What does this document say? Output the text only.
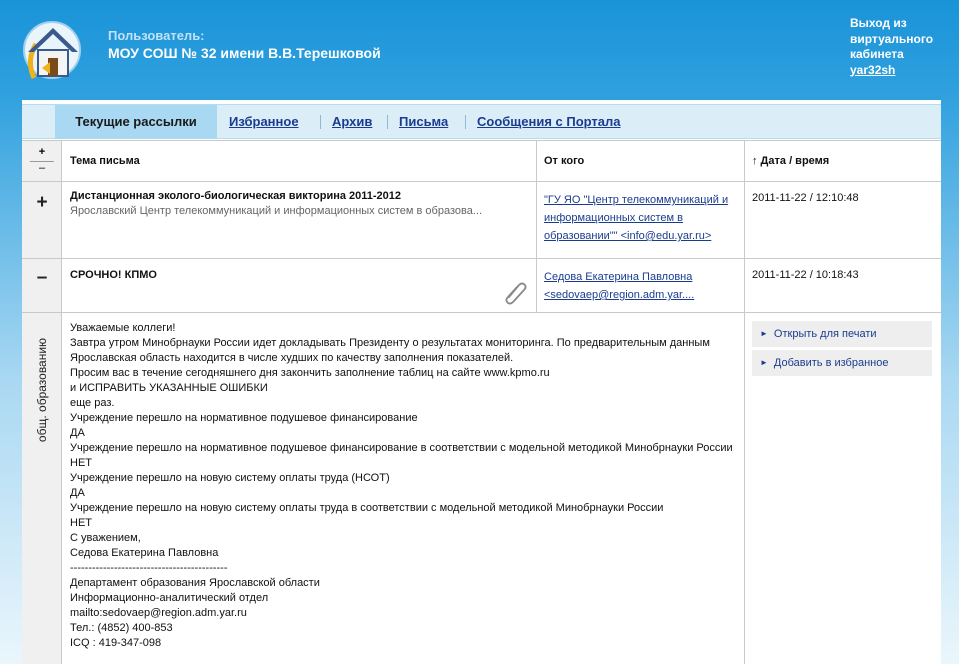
Пользователь:
МОУ СОШ № 32 имени В.В.Терешковой
Выход из
виртуального
кабинета
yar32sh
Текущие рассылки	Избранное	Архив Письма Сообщения с Портала
+
–
Тема письма	От кого	↑ Дата / время
+	Дистанционная эколого-биологическая викторина 2011-2012
Ярославский Центр телекоммуникаций и информационных систем в образова...
"ГУ ЯО "Центр телекоммуникаций и информационных систем в образовании"" <info@edu.yar.ru>
2011-11-22 / 12:10:48
–	СРОЧНО! КПМО	Седова Екатерина Павловна <sedovaep@region.adm.yar....
2011-11-22 / 10:18:43
общ. образованию
Уважаемые коллеги!
Завтра утром Минобрнауки России идет докладывать Президенту о результатах мониторинга. По предварительным данным Ярославская область находится в числе худших по качеству заполнения показателей.
Просим вас в течение сегодняшнего дня закончить заполнение таблиц на сайте www.kpmo.ru
и ИСПРАВИТЬ УКАЗАННЫЕ ОШИБКИ
еще раз.
Учреждение перешло на нормативное подушевое финансирование
ДА
Учреждение перешло на нормативное подушевое финансирование в соответствии с модельной методикой Минобрнауки России
НЕТ
Учреждение перешло на новую систему оплаты труда (НСОТ)
ДА
Учреждение перешло на новую систему оплаты труда в соответствии с модельной методикой Минобрнауки России
НЕТ
С уважением,
Седова Екатерина Павловна
-------------------------------------------
Департамент образования Ярославской области
Информационно-аналитический отдел
mailto:sedovaep@region.adm.yar.ru
Тел.: (4852) 400-853
ICQ : 419-347-098
► Открыть для печати
► Добавить в избранное
